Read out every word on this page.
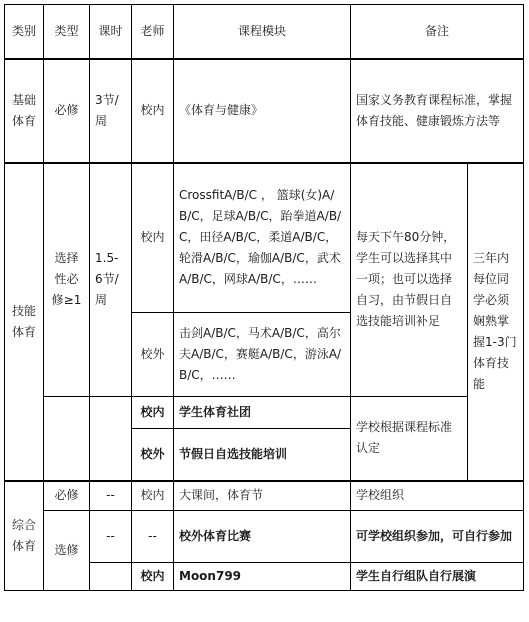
类别	类型	课时	老师	课程模块	备注	
基础体育	必修	3节/周	校内	《体育与健康》	国家义务教育课程标准，掌握体育技能、健康锻炼方法等	
技能体育	选择性必修≥1	1.5-6节/周	校内	CrossfitA/B/C ， 篮球(女)A/B/C，足球A/B/C，跆拳道A/B/C，田径A/B/C，柔道A/B/C，轮滑A/B/C，瑜伽A/B/C，武术A/B/C，网球A/B/C，……	每天下午80分钟，学生可以选择其中一项；也可以选择自习，由节假日自选技能培训补足	三年内每位同学必须娴熟掌握1-3门体育技能
			校外	击剑A/B/C，马术A/B/C，高尔夫A/B/C，赛艇A/B/C，游泳A/B/C，……		
			校内	学生体育社团	学校根据课程标准认定	
			校外	节假日自选技能培训		
综合体育	必修	--	校内	大课间，体育节	学校组织	
	选修	--	--	校外体育比赛	可学校组织参加，可自行参加	
			校内	Moon799	学生自行组队自行展演	
